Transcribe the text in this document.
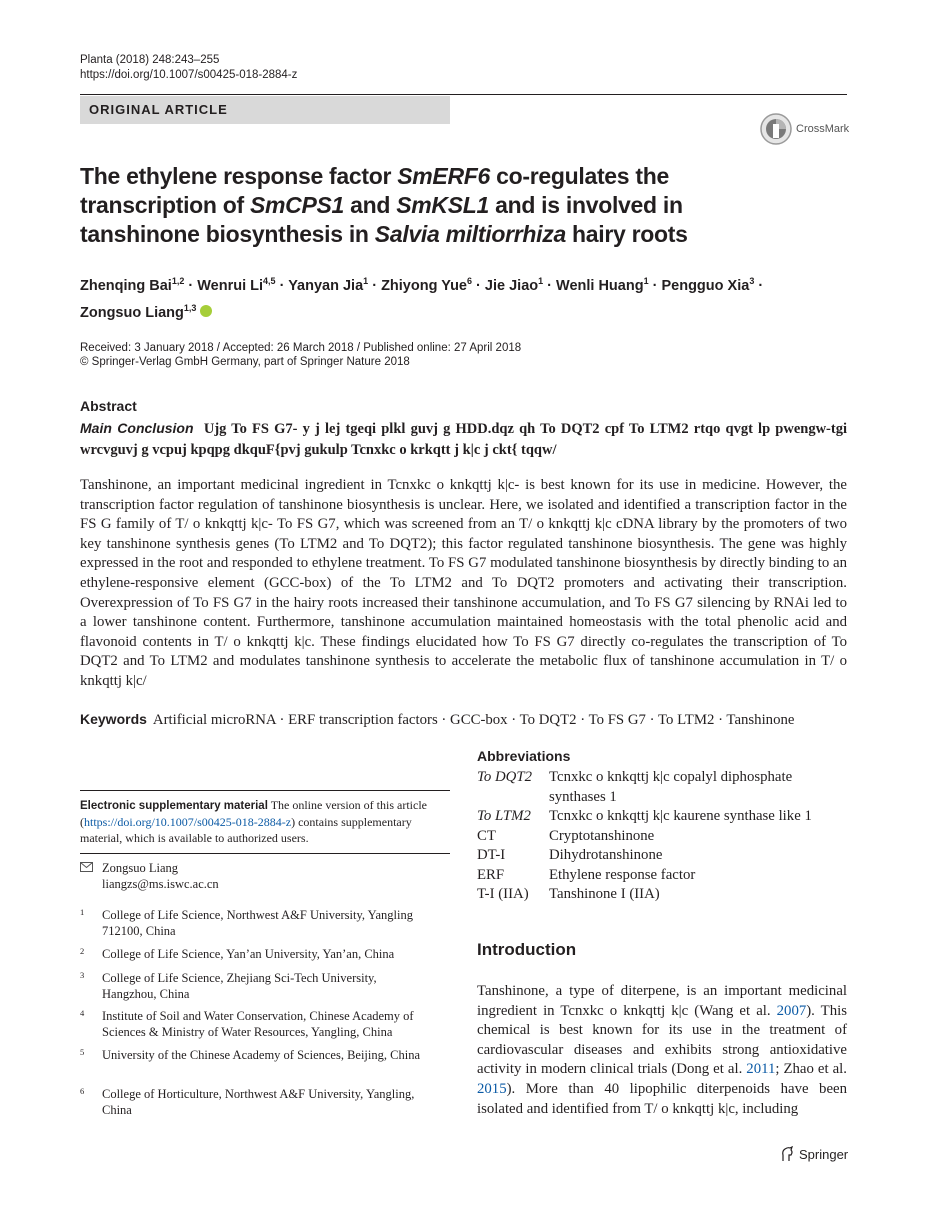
Planta (2018) 248:243–255
https://doi.org/10.1007/s00425-018-2884-z
ORIGINAL ARTICLE
CrossMark
The ethylene response factor SmERF6 co-regulates the transcription of SmCPS1 and SmKSL1 and is involved in tanshinone biosynthesis in Salvia miltiorrhiza hairy roots
Zhenqing Bai$^{1,2}$ · Wenrui Li$^{4,5}$ · Yanyan Jia$^1$ · Zhiyong Yue$^6$ · Jie Jiao$^1$ · Wenli Huang$^1$ · Pengguo Xia$^3$ ·
Zongsuo Liang$^{1,3}$
Received: 3 January 2018 / Accepted: 26 March 2018 / Published online: 27 April 2018
© Springer-Verlag GmbH Germany, part of Springer Nature 2018
Abstract
Main Conclusion Ujg To FS G7- y j lej tgeqi plkl guvj g HDD.dqz qh To DQT2 cpf To LTM2 rtqo qvgt lp pwengw-tgi wrcvguvj g vcpuj kpqpg dkquF{pvj gukulp Tcnxkc o krkqtt j k|c j ckt{ tqqw/
Tanshinone, an important medicinal ingredient in Tcnxkc o knkqttj k|c- is best known for its use in medicine. However, the transcription factor regulation of tanshinone biosynthesis is unclear. Here, we isolated and identified a transcription factor in the FS G family of T/ o knkqttj k|c- To FS G7, which was screened from an T/ o knkqttj k|c cDNA library by the promoters of two key tanshinone synthesis genes (To LTM2 and To DQT2); this factor regulated tanshinone biosynthesis. The gene was highly expressed in the root and responded to ethylene treatment. To FS G7 modulated tanshinone biosynthesis by directly binding to an ethylene-responsive element (GCC-box) of the To LTM2 and To DQT2 promoters and activating their transcription. Overexpression of To FS G7 in the hairy roots increased their tanshinone accumulation, and To FS G7 silencing by RNAi led to a lower tanshinone content. Furthermore, tanshinone accumulation maintained homeostasis with the total phenolic acid and flavonoid contents in T/ o knkqttj k|c. These findings elucidated how To FS G7 directly co-regulates the transcription of To DQT2 and To LTM2 and modulates tanshinone synthesis to accelerate the metabolic flux of tanshinone accumulation in T/ o knkqttj k|c/
Keywords Artificial microRNA · ERF transcription factors · GCC-box · To DQT2 · To FS G7 · To LTM2 · Tanshinone
Electronic supplementary material The online version of this article (https://doi.org/10.1007/s00425-018-2884-z) contains supplementary material, which is available to authorized users.
Zongsuo Liang
liangzs@ms.iswc.ac.cn
1 College of Life Science, Northwest A&F University, Yangling 712100, China
2 College of Life Science, Yan’an University, Yan’an, China
3 College of Life Science, Zhejiang Sci-Tech University, Hangzhou, China
4 Institute of Soil and Water Conservation, Chinese Academy of Sciences & Ministry of Water Resources, Yangling, China
5 University of the Chinese Academy of Sciences, Beijing, China
6 College of Horticulture, Northwest A&F University, Yangling, China
Abbreviations
To DQT2	Tcnxkc o knkqttj k|c copalyl diphosphate synthases 1
To LTM2	Tcnxkc o knkqttj k|c kaurene synthase like 1
CT	Cryptotanshinone
DT-I	Dihydrotanshinone
ERF	Ethylene response factor
T-I (IIA)	Tanshinone I (IIA)
Introduction
Tanshinone, a type of diterpene, is an important medicinal ingredient in Tcnxkc o knkqttj k|c (Wang et al. 2007). This chemical is best known for its use in the treatment of cardiovascular diseases and exhibits strong antioxidative activity in modern clinical trials (Dong et al. 2011; Zhao et al. 2015). More than 40 lipophilic diterpenoids have been isolated and identified from T/ o knkqttj k|c, including
Springer
